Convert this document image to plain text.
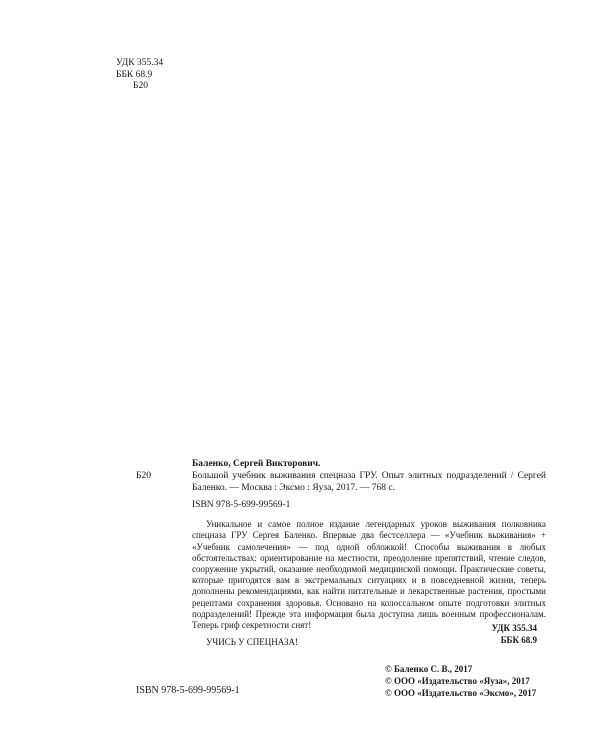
УДК 355.34
ББК 68.9
Б20
Баленко, Сергей Викторович.
Б20	Большой учебник выживания спецназа ГРУ. Опыт элитных подразделений / Сергей Баленко. — Москва : Эксмо : Яуза, 2017. — 768 с.
ISBN 978-5-699-99569-1

Уникальное и самое полное издание легендарных уроков выживания полковника спецназа ГРУ Сергея Баленко. Впервые два бестселлера — «Учебник выживания» + «Учебник самолечения» — под одной обложкой! Способы выживания в любых обстоятельствах: ориентирование на местности, преодоление препятствий, чтение следов, сооружение укрытий, оказание необходимой медицинской помощи. Практические советы, которые пригодятся вам в экстремальных ситуациях и в повседневной жизни, теперь дополнены рекомендациями, как найти питательные и лекарственные растения, простыми рецептами сохранения здоровья. Основано на колоссальном опыте подготовки элитных подразделений! Прежде эта информация была доступна лишь военным профессионалам. Теперь гриф секретности снят!

УЧИСЬ У СПЕЦНАЗА!
УДК 355.34
ББК 68.9
© Баленко С. В., 2017
© ООО «Издательство «Яуза», 2017
© ООО «Издательство «Эксмо», 2017
ISBN 978-5-699-99569-1
